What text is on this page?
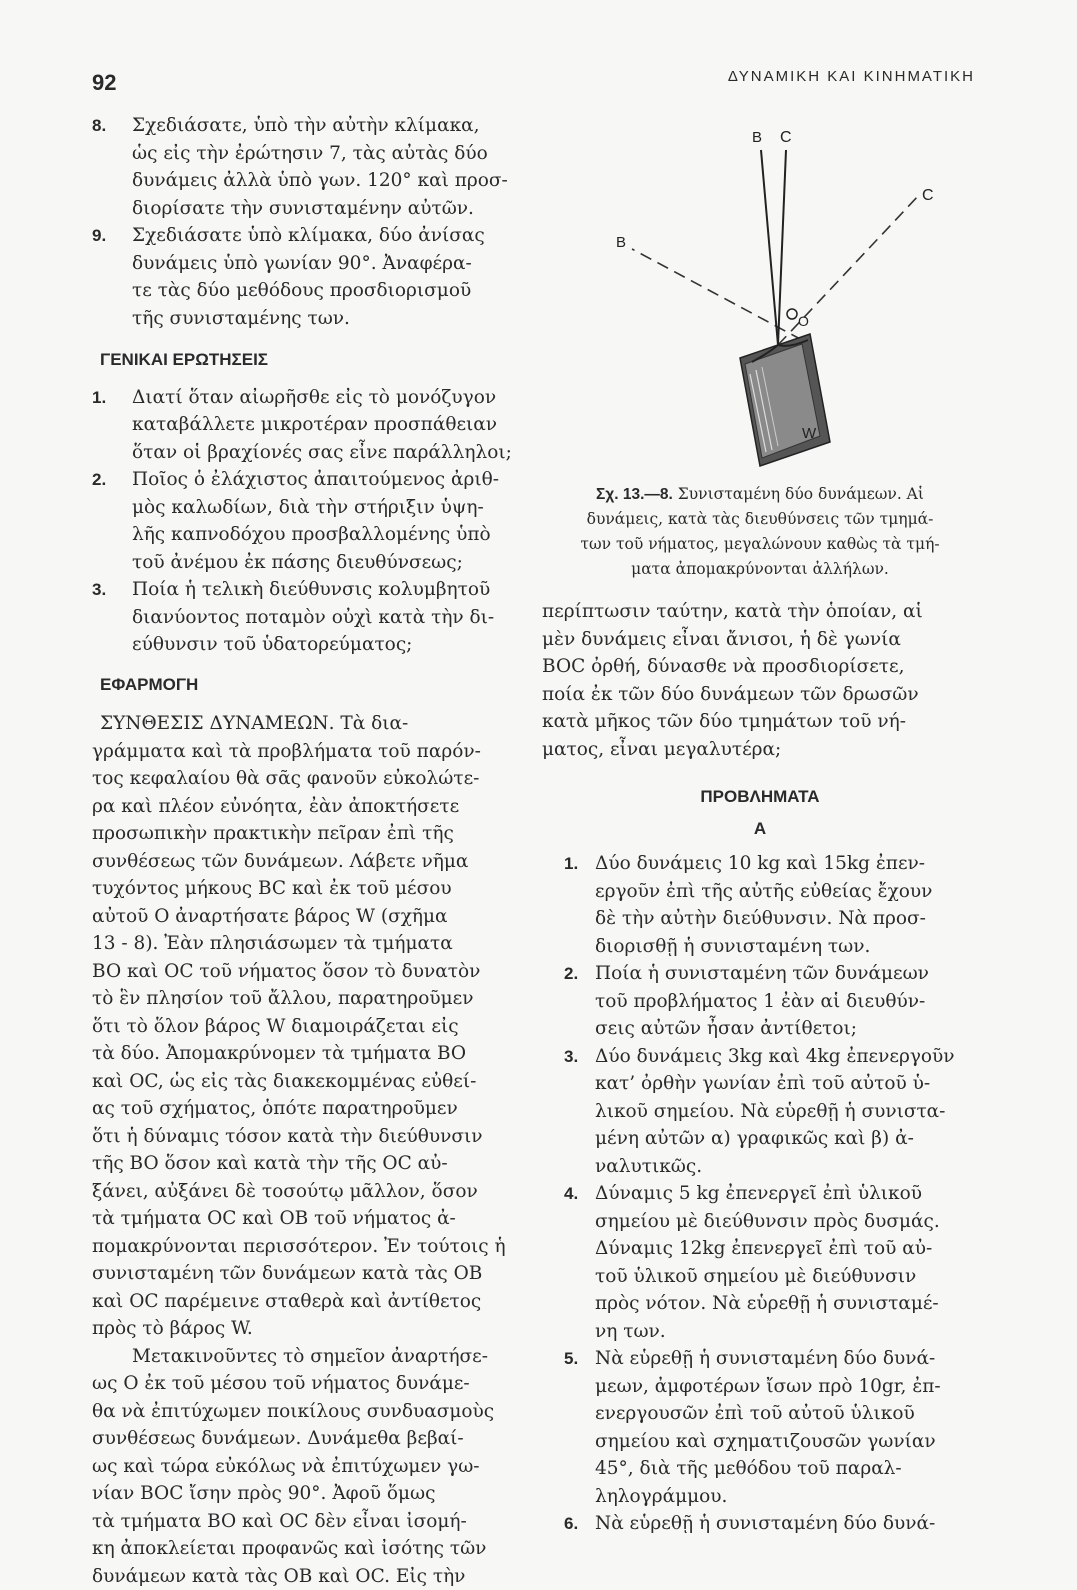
92	ΔΥΝΑΜΙΚΗ ΚΑΙ ΚΙΝΗΜΑΤΙΚΗ
8. Σχεδιάσατε, ὑπὸ τὴν αὐτὴν κλίμακα,
ὡς εἰς τὴν ἐρώτησιν 7, τὰς αὐτὰς δύο
δυνάμεις ἀλλὰ ὑπὸ γων. 120° καὶ προσ-
διορίσατε τὴν συνισταμένην αὐτῶν.
9. Σχεδιάσατε ὑπὸ κλίμακα, δύο ἀνίσας
δυνάμεις ὑπὸ γωνίαν 90°. Ἀναφέρα-
τε τὰς δύο μεθόδους προσδιορισμοῦ
τῆς συνισταμένης των.
ΓΕΝΙΚΑΙ ΕΡΩΤΗΣΕΙΣ
1. Διατί ὅταν αἰωρῆσθε εἰς τὸ μονόζυγον
καταβάλλετε μικροτέραν προσπάθειαν
ὅταν οἱ βραχίονές σας εἶνε παράλληλοι;
2. Ποῖος ὁ ἐλάχιστος ἀπαιτούμενος ἀριθ-
μὸς καλωδίων, διὰ τὴν στήριξιν ὑψη-
λῆς καπνοδόχου προσβαλλομένης ὑπὸ
τοῦ ἀνέμου ἐκ πάσης διευθύνσεως;
3. Ποία ἡ τελικὴ διεύθυνσις κολυμβητοῦ
διανύοντος ποταμὸν οὐχὶ κατὰ τὴν δι-
εύθυνσιν τοῦ ὑδατορεύματος;
ΕΦΑΡΜΟΓΗ
ΣΥΝΘΕΣΙΣ ΔΥΝΑΜΕΩΝ. Τὰ δια-
γράμματα καὶ τὰ προβλήματα τοῦ παρόν-
τος κεφαλαίου θὰ σᾶς φανοῦν εὐκολώτε-
ρα καὶ πλέον εὐνόητα, ἐὰν ἀποκτήσετε
προσωπικὴν πρακτικὴν πεῖραν ἐπὶ τῆς
συνθέσεως τῶν δυνάμεων. Λάβετε νῆμα
τυχόντος μήκους BC καὶ ἐκ τοῦ μέσου
αὐτοῦ O ἀναρτήσατε βάρος W (σχῆμα
13 - 8). Ἐὰν πλησιάσωμεν τὰ τμήματα
BO καὶ OC τοῦ νήματος ὅσον τὸ δυνατὸν
τὸ ἓν πλησίον τοῦ ἄλλου, παρατηροῦμεν
ὅτι τὸ ὅλον βάρος W διαμοιράζεται εἰς
τὰ δύο. Ἀπομακρύνομεν τὰ τμήματα BO
καὶ OC, ὡς εἰς τὰς διακεκομμένας εὐθεί-
ας τοῦ σχήματος, ὁπότε παρατηροῦμεν
ὅτι ἡ δύναμις τόσον κατὰ τὴν διεύθυνσιν
τῆς BO ὅσον καὶ κατὰ τὴν τῆς OC αὐ-
ξάνει, αὐξάνει δὲ τοσούτῳ μᾶλλον, ὅσον
τὰ τμήματα OC καὶ OB τοῦ νήματος ἀ-
πομακρύνονται περισσότερον. Ἐν τούτοις ἡ
συνισταμένη τῶν δυνάμεων κατὰ τὰς OB
καὶ OC παρέμεινε σταθερὰ καὶ ἀντίθετος
πρὸς τὸ βάρος W.
Μετακινοῦντες τὸ σημεῖον ἀναρτήσε-
ως O ἐκ τοῦ μέσου τοῦ νήματος δυνάμε-
θα νὰ ἐπιτύχωμεν ποικίλους συνδυασμοὺς
συνθέσεως δυνάμεων. Δυνάμεθα βεβαί-
ως καὶ τώρα εὐκόλως νὰ ἐπιτύχωμεν γω-
νίαν BOC ἴσην πρὸς 90°. Ἀφοῦ ὅμως
τὰ τμήματα BO καὶ OC δὲν εἶναι ἰσομή-
κη ἀποκλείεται προφανῶς καὶ ἰσότης τῶν
δυνάμεων κατὰ τὰς OB καὶ OC. Εἰς τὴν
B C
C
B
O
W
Σχ. 13.—8. Συνισταμένη δύο δυνάμεων. Αἱ
δυνάμεις, κατὰ τὰς διευθύνσεις τῶν τμημά-
των τοῦ νήματος, μεγαλώνουν καθὼς τὰ τμή-
ματα ἀπομακρύνονται ἀλλήλων.
περίπτωσιν ταύτην, κατὰ τὴν ὁποίαν, αἱ
μὲν δυνάμεις εἶναι ἄνισοι, ἡ δὲ γωνία
BOC ὀρθή, δύνασθε νὰ προσδιορίσετε,
ποία ἐκ τῶν δύο δυνάμεων τῶν δρωσῶν
κατὰ μῆκος τῶν δύο τμημάτων τοῦ νή-
ματος, εἶναι μεγαλυτέρα;
ΠΡΟΒΛΗΜΑΤΑ
Α
1. Δύο δυνάμεις 10 kg καὶ 15kg ἐπεν-
εργοῦν ἐπὶ τῆς αὐτῆς εὐθείας ἔχουν
δὲ τὴν αὐτὴν διεύθυνσιν. Νὰ προσ-
διορισθῇ ἡ συνισταμένη των.
2. Ποία ἡ συνισταμένη τῶν δυνάμεων
τοῦ προβλήματος 1 ἐὰν αἱ διευθύν-
σεις αὐτῶν ἦσαν ἀντίθετοι;
3. Δύο δυνάμεις 3kg καὶ 4kg ἐπενεργοῦν
κατ’ ὀρθὴν γωνίαν ἐπὶ τοῦ αὐτοῦ ὑ-
λικοῦ σημείου. Νὰ εὑρεθῇ ἡ συνιστα-
μένη αὐτῶν α) γραφικῶς καὶ β) ἀ-
ναλυτικῶς.
4. Δύναμις 5 kg ἐπενεργεῖ ἐπὶ ὑλικοῦ
σημείου μὲ διεύθυνσιν πρὸς δυσμάς.
Δύναμις 12kg ἐπενεργεῖ ἐπὶ τοῦ αὐ-
τοῦ ὑλικοῦ σημείου μὲ διεύθυνσιν
πρὸς νότον. Νὰ εὑρεθῇ ἡ συνισταμέ-
νη των.
5. Νὰ εὑρεθῇ ἡ συνισταμένη δύο δυνά-
μεων, ἀμφοτέρων ἴσων πρὸ 10gr, ἐπ-
ενεργουσῶν ἐπὶ τοῦ αὐτοῦ ὑλικοῦ
σημείου καὶ σχηματιζουσῶν γωνίαν
45°, διὰ τῆς μεθόδου τοῦ παραλ-
ληλογράμμου.
6. Νὰ εὑρεθῇ ἡ συνισταμένη δύο δυνά-
